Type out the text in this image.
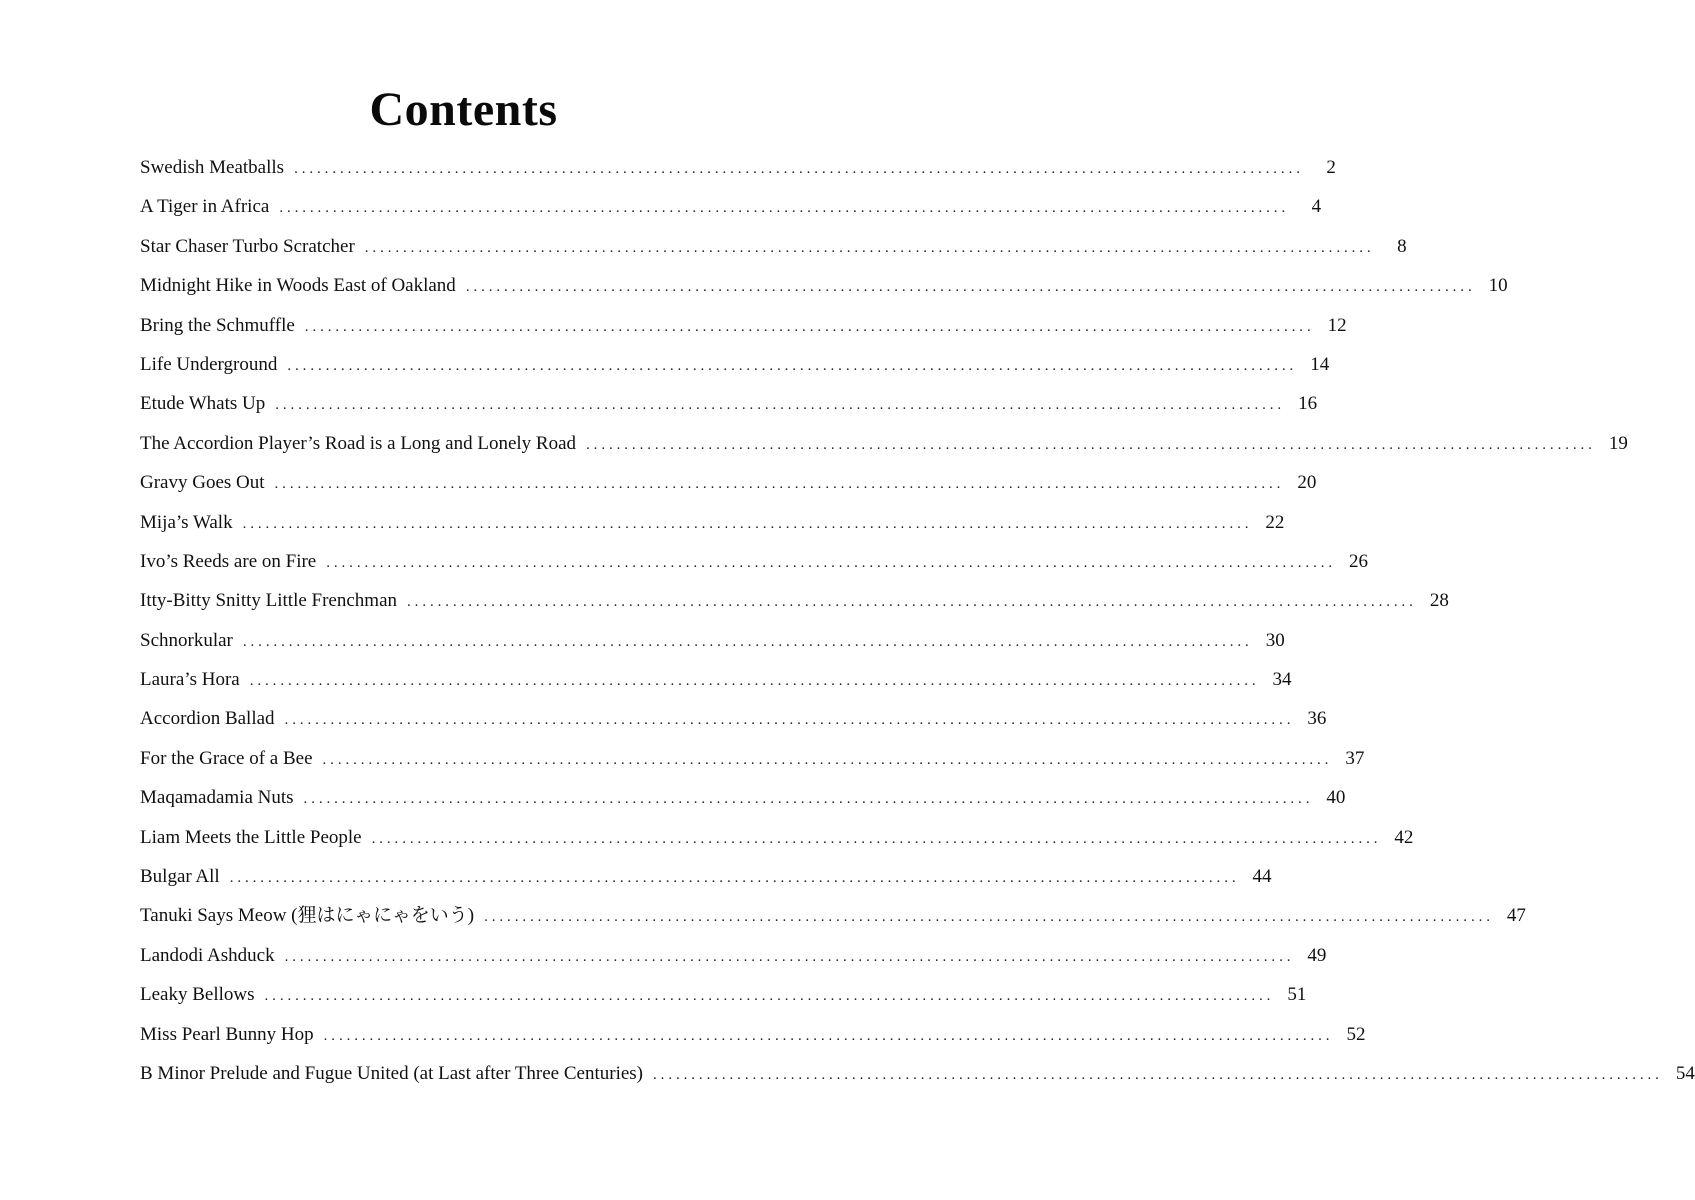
Contents
Swedish Meatballs ....................................................................................................................................	2
A Tiger in Africa ....................................................................................................................................	4
Star Chaser Turbo Scratcher ....................................................................................................................................	8
Midnight Hike in Woods East of Oakland .................................................................................................................................... 10
Bring the Schmuffle .................................................................................................................................... 12
Life Underground .................................................................................................................................... 14
Etude Whats Up .................................................................................................................................... 16
The Accordion Player’s Road is a Long and Lonely Road .................................................................................................................................... 19
Gravy Goes Out .................................................................................................................................... 20
Mija’s Walk .................................................................................................................................... 22
Ivo’s Reeds are on Fire .................................................................................................................................... 26
Itty-Bitty Snitty Little Frenchman .................................................................................................................................... 28
Schnorkular .................................................................................................................................... 30
Laura’s Hora .................................................................................................................................... 34
Accordion Ballad .................................................................................................................................... 36
For the Grace of a Bee .................................................................................................................................... 37
Maqamadamia Nuts .................................................................................................................................... 40
Liam Meets the Little People .................................................................................................................................... 42
Bulgar All .................................................................................................................................... 44
Tanuki Says Meow (狸はにゃにゃをいう) .................................................................................................................................... 47
Landodi Ashduck .................................................................................................................................... 49
Leaky Bellows .................................................................................................................................... 51
Miss Pearl Bunny Hop .................................................................................................................................... 52
B Minor Prelude and Fugue United (at Last after Three Centuries) .................................................................................................................................... 54
